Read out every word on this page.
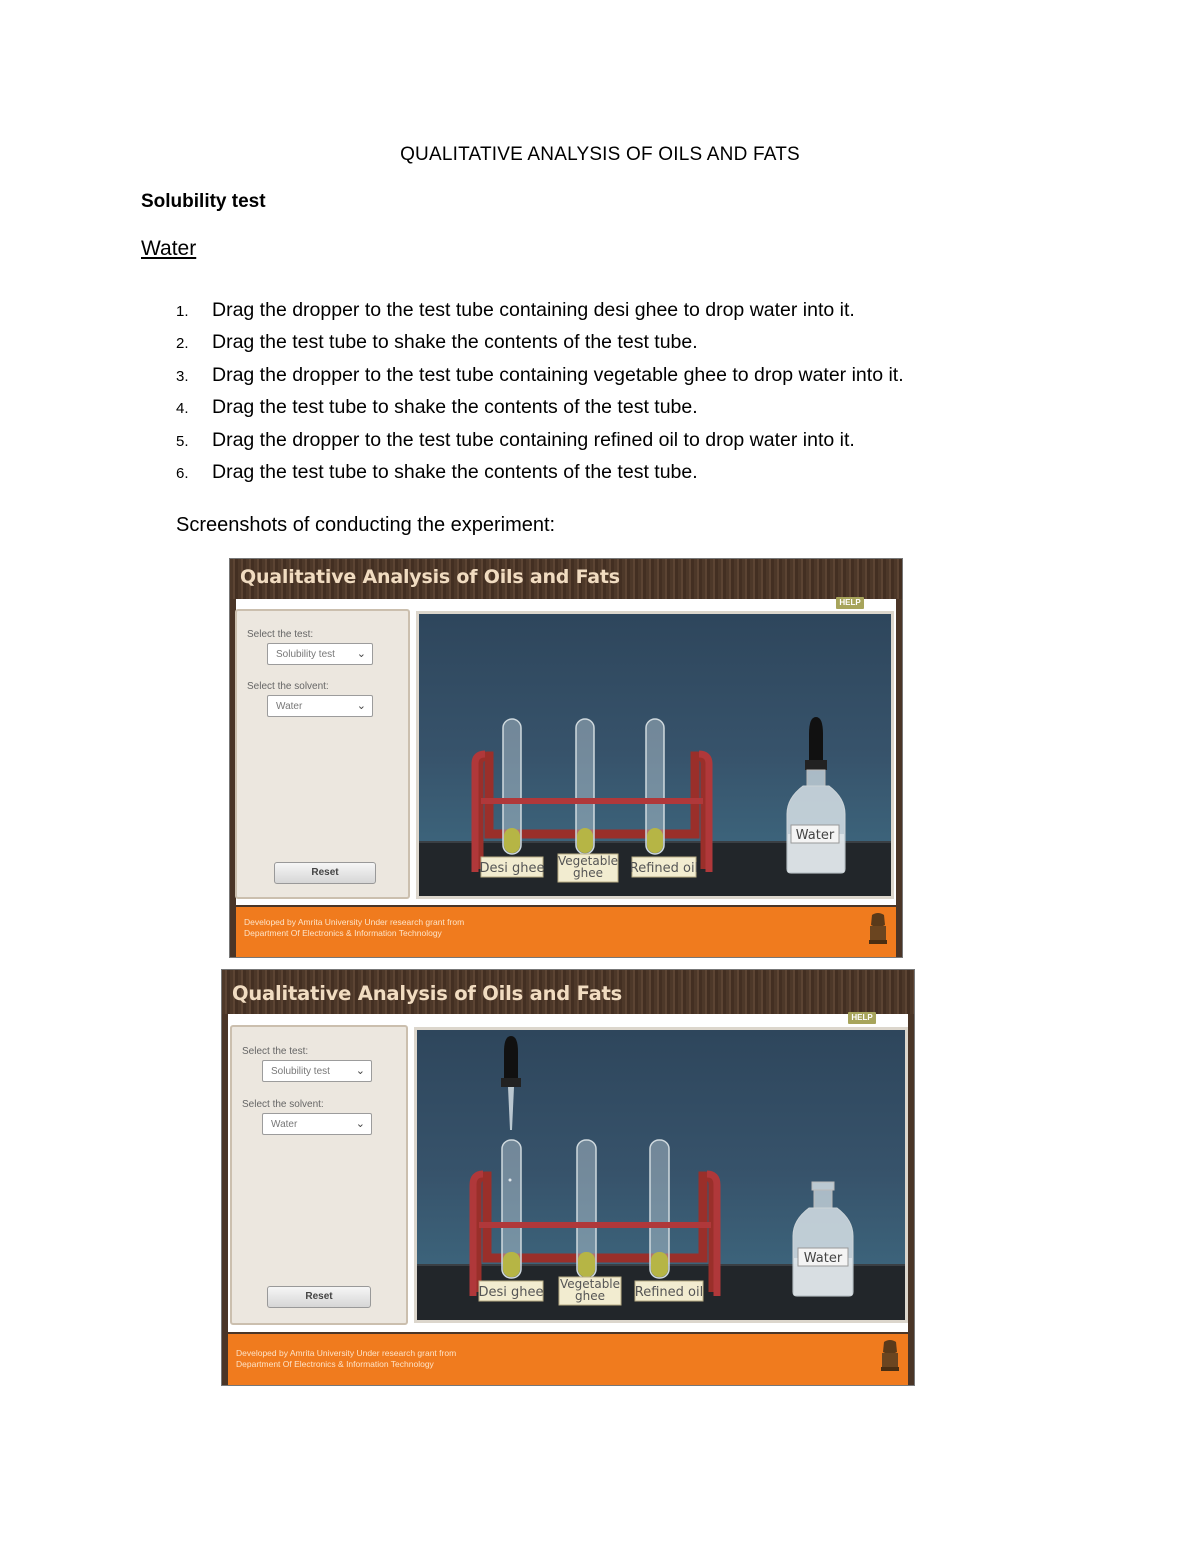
QUALITATIVE ANALYSIS OF OILS AND FATS
Solubility test
Water
1.	Drag the dropper to the test tube containing desi ghee to drop water into it.
2.	Drag the test tube to shake the contents of the test tube.
3.	Drag the dropper to the test tube containing vegetable ghee to drop water into it.
4.	Drag the test tube to shake the contents of the test tube.
5.	Drag the dropper to the test tube containing refined oil to drop water into it.
6.	Drag the test tube to shake the contents of the test tube.
Screenshots of conducting the experiment:
Qualitative Analysis of Oils and Fats
HELP
Select the test:
Solubility test ⌄
Select the solvent:
Water	⌄
Reset	Desi ghee Vegetable ghee	Refined oil
Water
Developed by Amrita University Under research grant from
Department Of Electronics & Information Technology
Qualitative Analysis of Oils and Fats
HELP
Select the test:
Solubility test ⌄
Select the solvent:
Water	⌄
Reset	Desi ghee
Vegetable ghee	Refined oil
Water
Developed by Amrita University Under research grant from
Department Of Electronics & Information Technology
